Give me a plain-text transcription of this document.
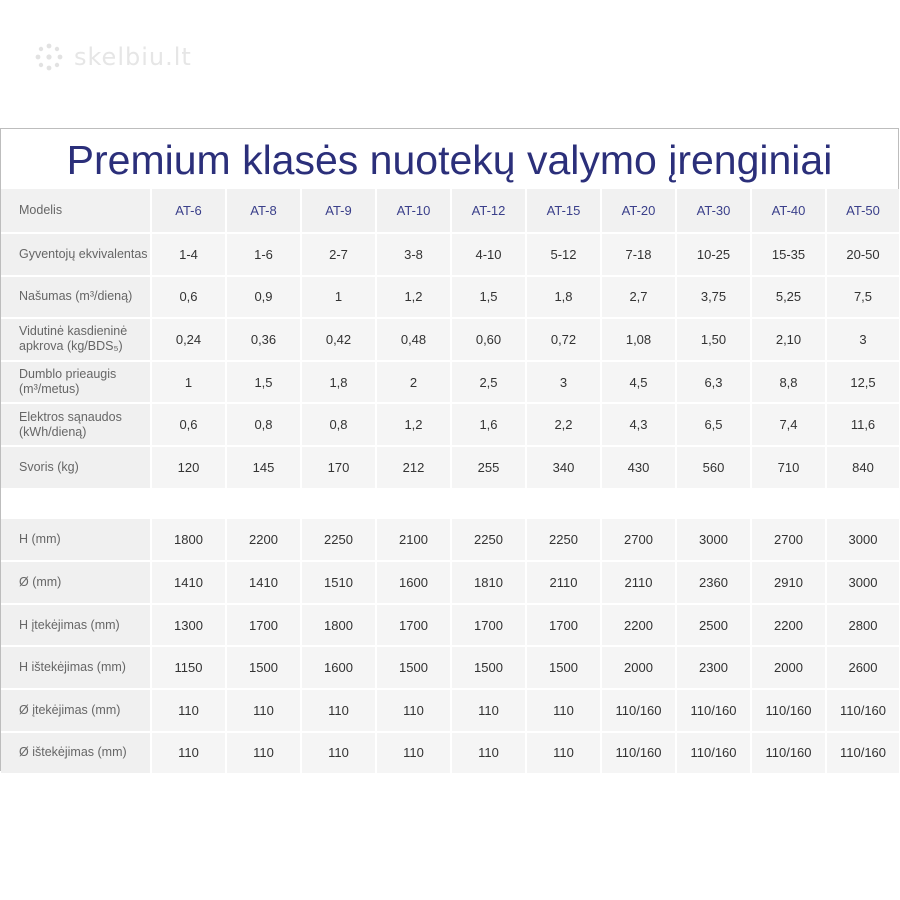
skelbiu.lt
Premium klasės nuotekų valymo įrenginiai
Modelis	AT-6	AT-8	AT-9	AT-10	AT-12	AT-15	AT-20	AT-30	AT-40	AT-50
Gyventojų ekvivalentas	1-4	1-6	2-7	3-8	4-10	5-12	7-18	10-25	15-35	20-50
Našumas (m³/dieną)	0,6	0,9	1	1,2	1,5	1,8	2,7	3,75	5,25	7,5
Vidutinė kasdieninė apkrova (kg/BDS₅)	0,24	0,36	0,42	0,48	0,60	0,72	1,08	1,50	2,10	3
Dumblo prieaugis (m³/metus)	1	1,5	1,8	2	2,5	3	4,5	6,3	8,8	12,5
Elektros sąnaudos (kWh/dieną)	0,6	0,8	0,8	1,2	1,6	2,2	4,3	6,5	7,4	11,6
Svoris (kg)	120	145	170	212	255	340	430	560	710	840

H (mm)	1800	2200	2250	2100	2250	2250	2700	3000	2700	3000
Ø (mm)	1410	1410	1510	1600	1810	2110	2110	2360	2910	3000
H įtekėjimas (mm)	1300	1700	1800	1700	1700	1700	2200	2500	2200	2800
H ištekėjimas (mm)	1150	1500	1600	1500	1500	1500	2000	2300	2000	2600
Ø įtekėjimas (mm)	110	110	110	110	110	110	110/160	110/160	110/160	110/160
Ø ištekėjimas (mm)	110	110	110	110	110	110	110/160	110/160	110/160	110/160
